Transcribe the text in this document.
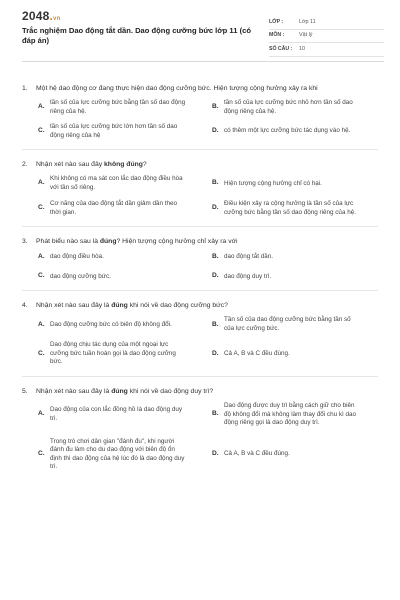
2048.vn
Trắc nghiệm Dao động tắt dần. Dao động cưỡng bức lớp 11 (có đáp án)
LỚP :	Lớp 11
MÔN :	Vật lý
SỐ CÂU :	10
1.	Một hệ dao động cơ đang thực hiện dao động cưỡng bức. Hiện tượng cộng hưởng xảy ra khi
A.
tần số của lực cưỡng bức bằng tần số dao động riêng của hệ.
B.
tần số của lực cưỡng bức nhỏ hơn tần số dao động riêng của hệ.
C.
tần số của lực cưỡng bức lớn hơn tần số dao động riêng của hệ
D. có thêm một lực cưỡng bức tác dụng vào hệ.
2.	Nhận xét nào sau đây không đúng?
A.
Khi không có ma sát con lắc dao động điều hòa với tần số riêng.
B. Hiện tượng cộng hưởng chỉ có hại.
C.
Cơ năng của dao động tắt dần giảm dần theo thời gian.
D.
Điều kiện xảy ra cộng hưởng là tần số của lực cưỡng bức bằng tần số dao động riêng của hệ.
3.	Phát biểu nào sau là đúng? Hiện tượng cộng hưởng chỉ xảy ra với
A. dao động điều hòa.	B. dao động tắt dần.
C. dao động cưỡng bức.	D. dao động duy trì.
4.	Nhận xét nào sau đây là đúng khi nói về dao động cưỡng bức?
A. Dao động cưỡng bức có biên độ không đổi.	B.
Tần số của dao động cưỡng bức bằng tần số của lực cưỡng bức.
C.
Dao động chịu tác dụng của một ngoại lực cưỡng bức tuần hoàn gọi là dao động cưỡng bức.
D. Cả A, B và C đều đúng.
5.	Nhận xét nào sau đây là đúng khi nói về dao động duy trì?
A.
Dao động của con lắc đồng hồ là dao động duy trì.
B.
Dao động được duy trì bằng cách giữ cho biên độ không đổi mà không làm thay đổi chu kì dao động riêng gọi là dao động duy trì.
C.
Trong trò chơi dân gian "đánh đu", khi người đánh đu làm cho du dao động với biên độ ổn định thì dao động của hệ lúc đó là dao động duy trì.
D. Cả A, B và C đều đúng.
